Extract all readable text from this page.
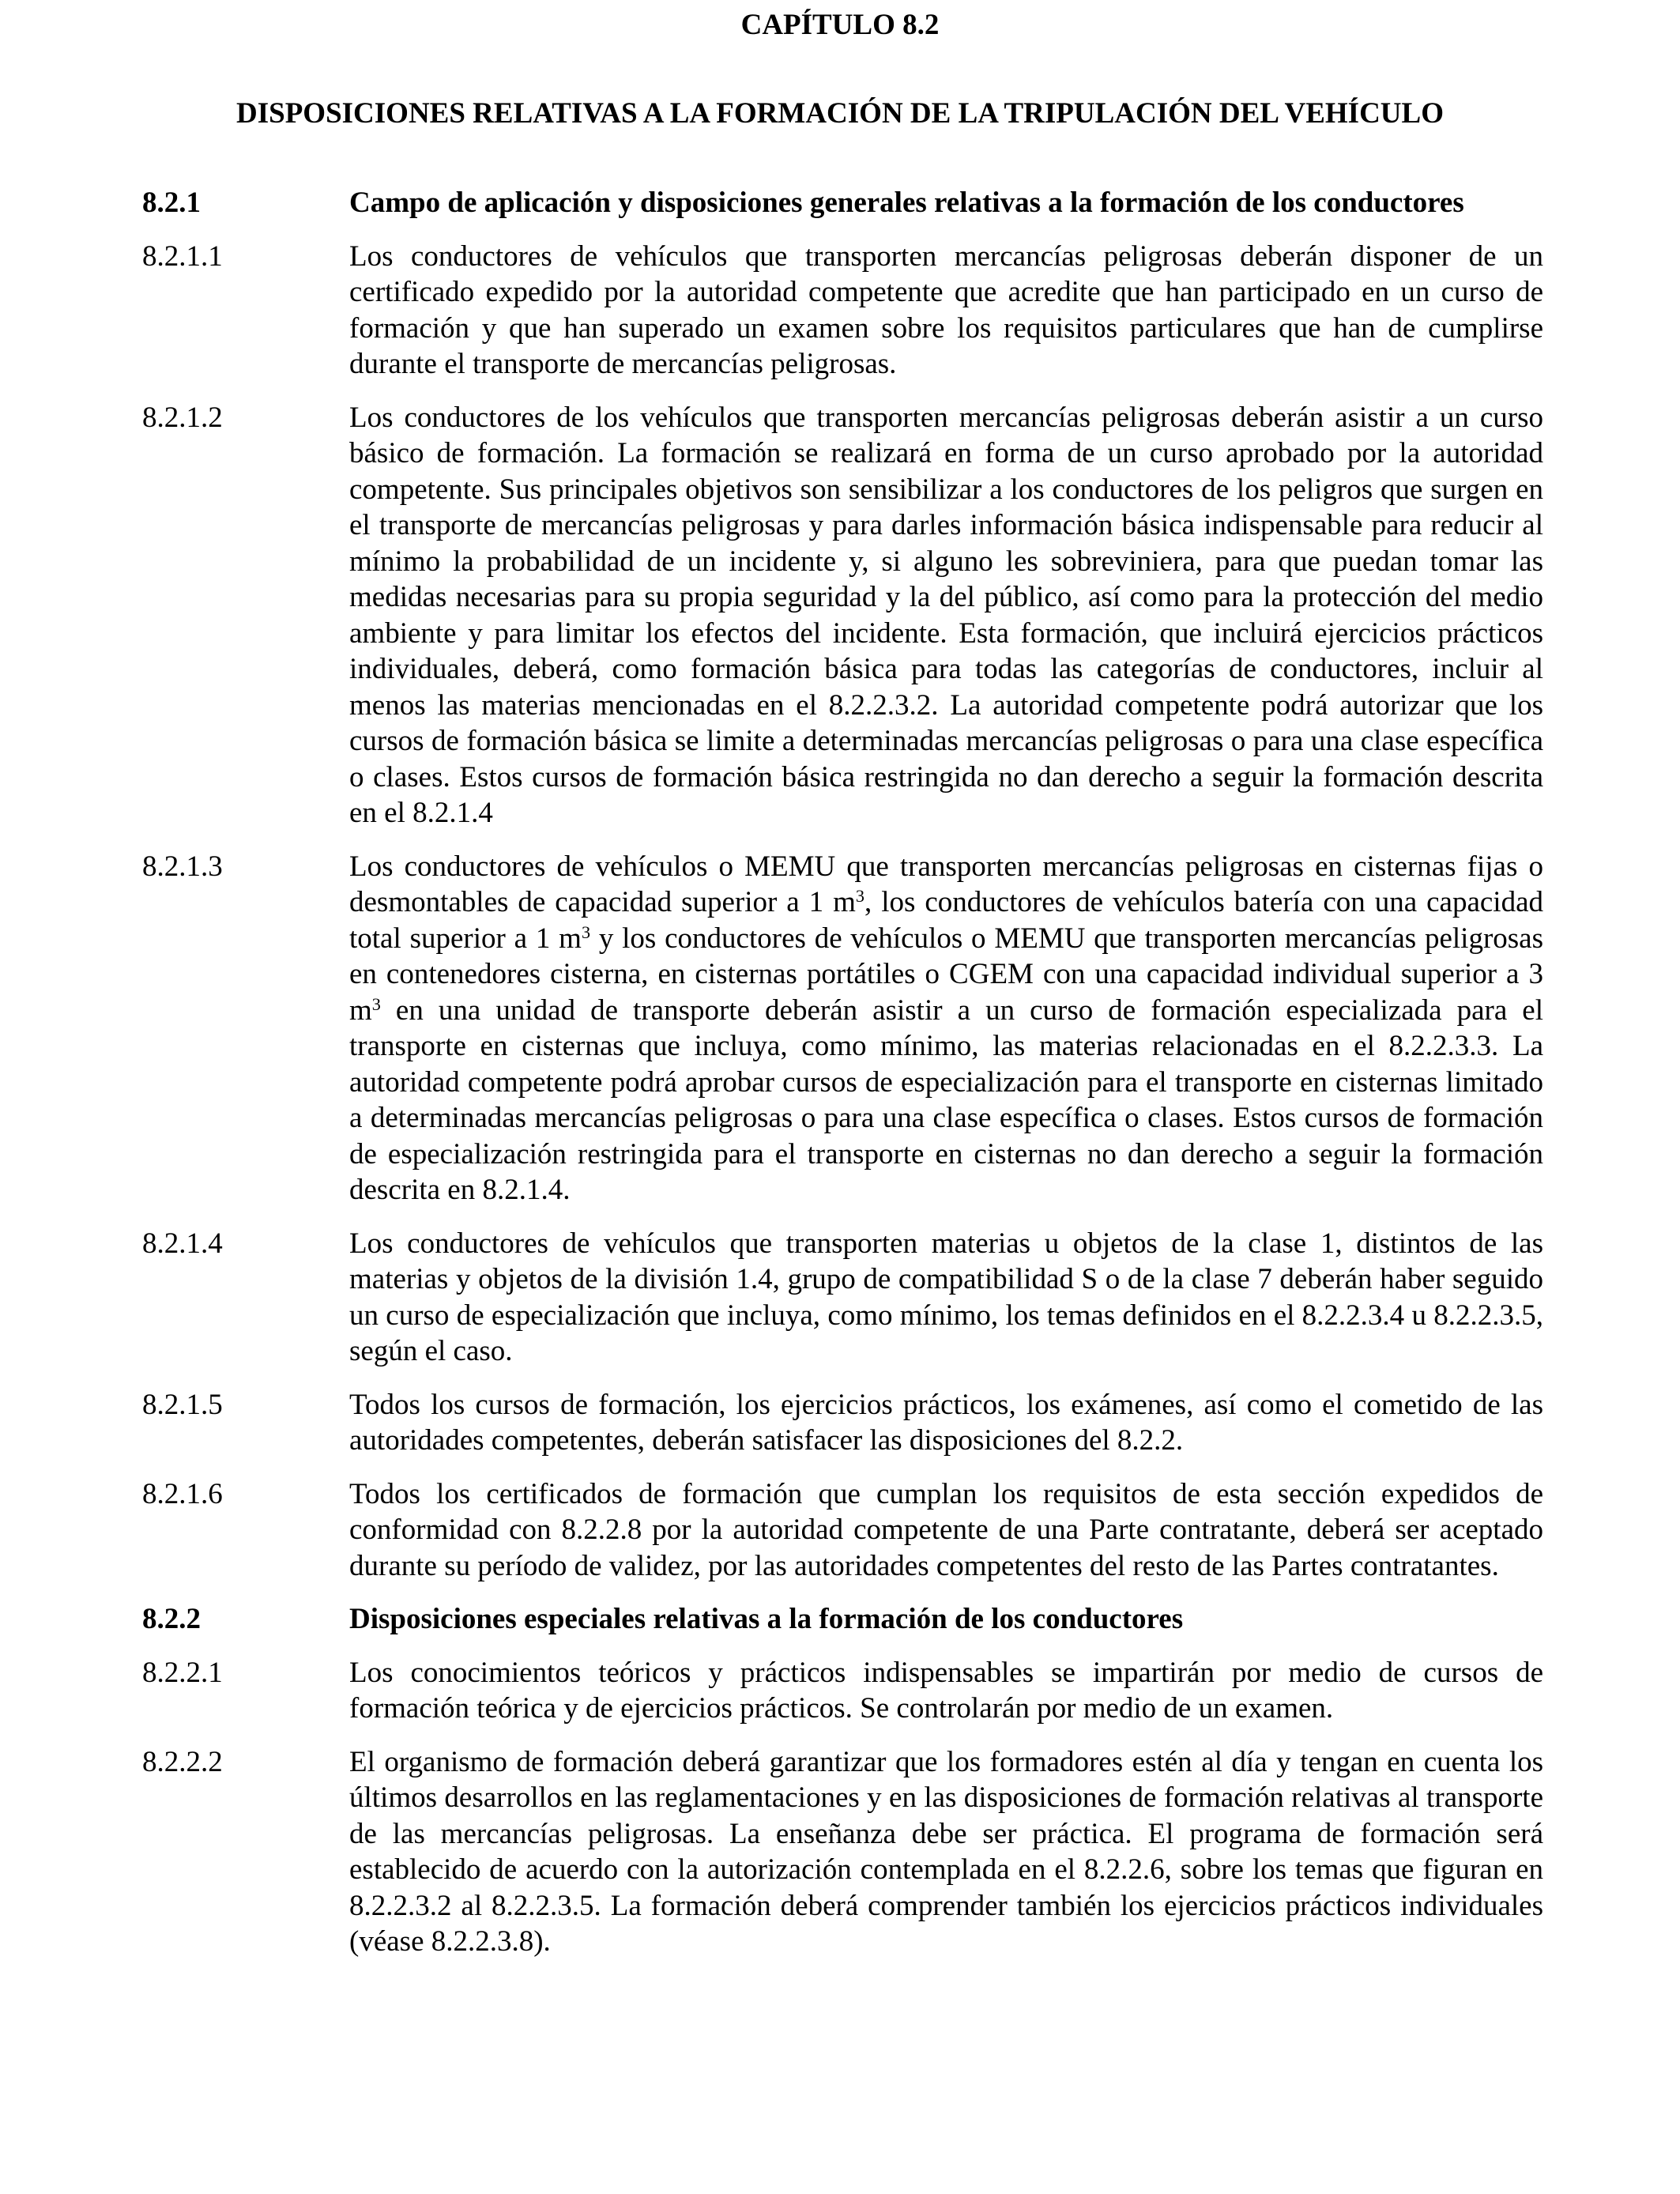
CAPÍTULO 8.2
DISPOSICIONES RELATIVAS A LA FORMACIÓN DE LA TRIPULACIÓN DEL VEHÍCULO
8.2.1	Campo de aplicación y disposiciones generales relativas a la formación de los conductores
8.2.1.1	Los conductores de vehículos que transporten mercancías peligrosas deberán disponer de un certificado expedido por la autoridad competente que acredite que han participado en un curso de formación y que han superado un examen sobre los requisitos particulares que han de cumplirse durante el transporte de mercancías peligrosas.
8.2.1.2	Los conductores de los vehículos que transporten mercancías peligrosas deberán asistir a un curso básico de formación. La formación se realizará en forma de un curso aprobado por la autoridad competente. Sus principales objetivos son sensibilizar a los conductores de los peligros que surgen en el transporte de mercancías peligrosas y para darles información básica indispensable para reducir al mínimo la probabilidad de un incidente y, si alguno les sobreviniera, para que puedan tomar las medidas necesarias para su propia seguridad y la del público, así como para la protección del medio ambiente y para limitar los efectos del incidente. Esta formación, que incluirá ejercicios prácticos individuales, deberá, como formación básica para todas las categorías de conductores, incluir al menos las materias mencionadas en el 8.2.2.3.2. La autoridad competente podrá autorizar que los cursos de formación básica se limite a determinadas mercancías peligrosas o para una clase específica o clases. Estos cursos de formación básica restringida no dan derecho a seguir la formación descrita en el 8.2.1.4
8.2.1.3	Los conductores de vehículos o MEMU que transporten mercancías peligrosas en cisternas fijas o desmontables de capacidad superior a 1 $m^3$, los conductores de vehículos batería con una capacidad total superior a 1 $m^3$ y los conductores de vehículos o MEMU que transporten mercancías peligrosas en contenedores cisterna, en cisternas portátiles o CGEM con una capacidad individual superior a 3 $m^3$ en una unidad de transporte deberán asistir a un curso de formación especializada para el transporte en cisternas que incluya, como mínimo, las materias relacionadas en el 8.2.2.3.3. La autoridad competente podrá aprobar cursos de especialización para el transporte en cisternas limitado a determinadas mercancías peligrosas o para una clase específica o clases. Estos cursos de formación de especialización restringida para el transporte en cisternas no dan derecho a seguir la formación descrita en 8.2.1.4.
8.2.1.4	Los conductores de vehículos que transporten materias u objetos de la clase 1, distintos de las materias y objetos de la división 1.4, grupo de compatibilidad S o de la clase 7 deberán haber seguido un curso de especialización que incluya, como mínimo, los temas definidos en el 8.2.2.3.4 u 8.2.2.3.5, según el caso.
8.2.1.5	Todos los cursos de formación, los ejercicios prácticos, los exámenes, así como el cometido de las autoridades competentes, deberán satisfacer las disposiciones del 8.2.2.
8.2.1.6	Todos los certificados de formación que cumplan los requisitos de esta sección expedidos de conformidad con 8.2.2.8 por la autoridad competente de una Parte contratante, deberá ser aceptado durante su período de validez, por las autoridades competentes del resto de las Partes contratantes.
8.2.2	Disposiciones especiales relativas a la formación de los conductores
8.2.2.1	Los conocimientos teóricos y prácticos indispensables se impartirán por medio de cursos de formación teórica y de ejercicios prácticos. Se controlarán por medio de un examen.
8.2.2.2	El organismo de formación deberá garantizar que los formadores estén al día y tengan en cuenta los últimos desarrollos en las reglamentaciones y en las disposiciones de formación relativas al transporte de las mercancías peligrosas. La enseñanza debe ser práctica. El programa de formación será establecido de acuerdo con la autorización contemplada en el 8.2.2.6, sobre los temas que figuran en 8.2.2.3.2 al 8.2.2.3.5. La formación deberá comprender también los ejercicios prácticos individuales (véase 8.2.2.3.8).
